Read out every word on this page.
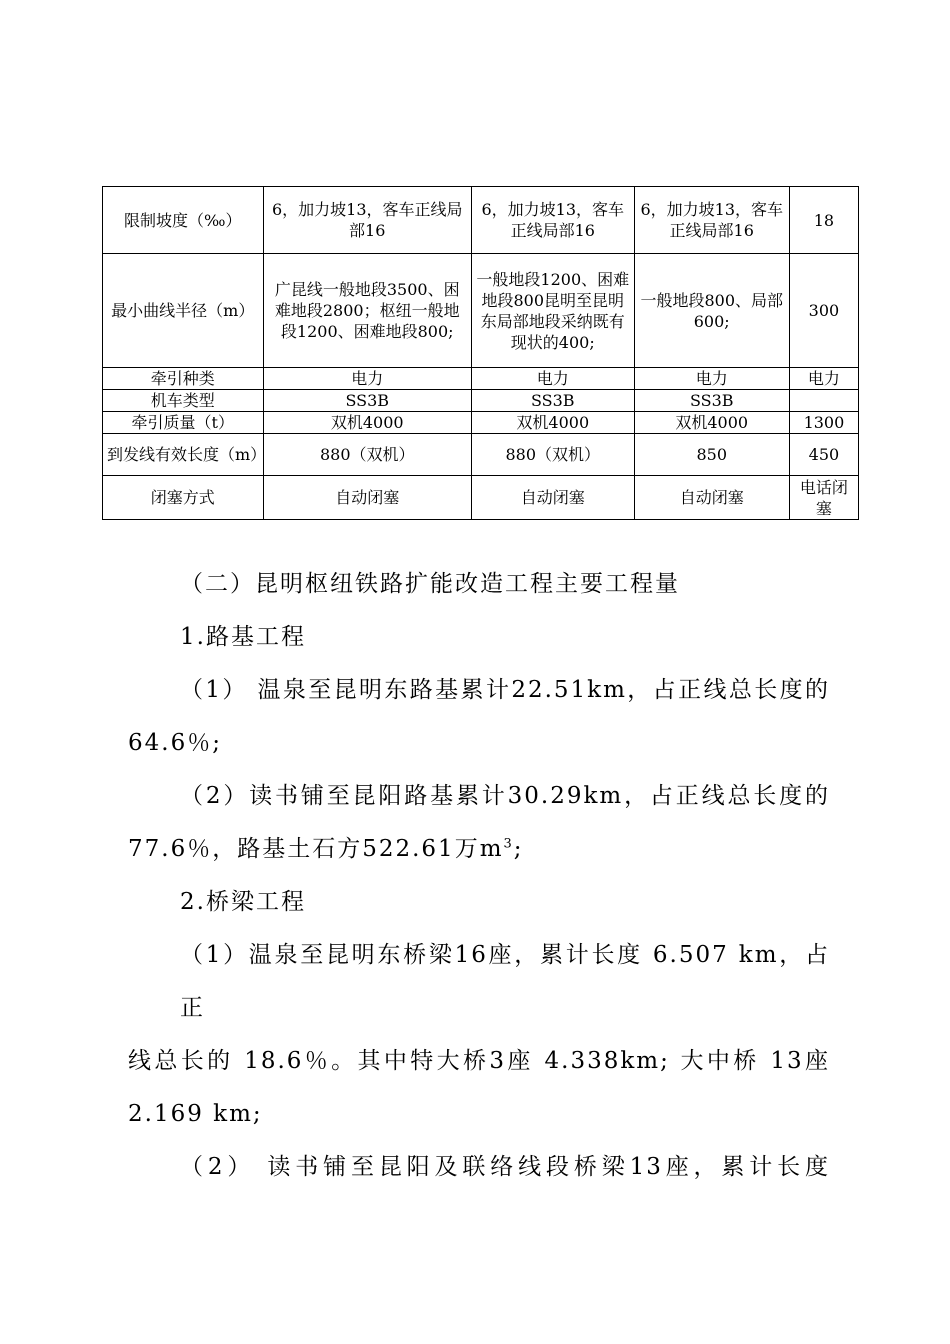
限制坡度（‰）	6，加力坡13，客车正线局部16	6，加力坡13，客车正线局部16	6，加力坡13，客车正线局部16	18
最小曲线半径（m）	广昆线一般地段3500、困难地段2800；枢纽一般地段1200、困难地段800;	一般地段1200、困难地段800昆明至昆明东局部地段采纳既有现状的400;	一般地段800、局部600;	300
牵引种类	电力	电力	电力	电力
机车类型	SS3B	SS3B	SS3B	
牵引质量（t）	双机4000	双机4000	双机4000	1300
到发线有效长度（m）	880（双机）	880（双机）	850	450
闭塞方式	自动闭塞	自动闭塞	自动闭塞	电话闭塞

（二）昆明枢纽铁路扩能改造工程主要工程量

1.路基工程

（1） 温泉至昆明东路基累计22.51km，占正线总长度的

64.6％;

（2）读书铺至昆阳路基累计30.29km，占正线总长度的

77.6％，路基土石方522.61万$m^3$;

2.桥梁工程

（1）温泉至昆明东桥梁16座，累计长度 6.507 km，占正

线总长的 18.6％。其中特大桥3座 4.338km; 大中桥 13座

2.169 km;

（2） 读书铺至昆阳及联络线段桥梁13座，累计长度
